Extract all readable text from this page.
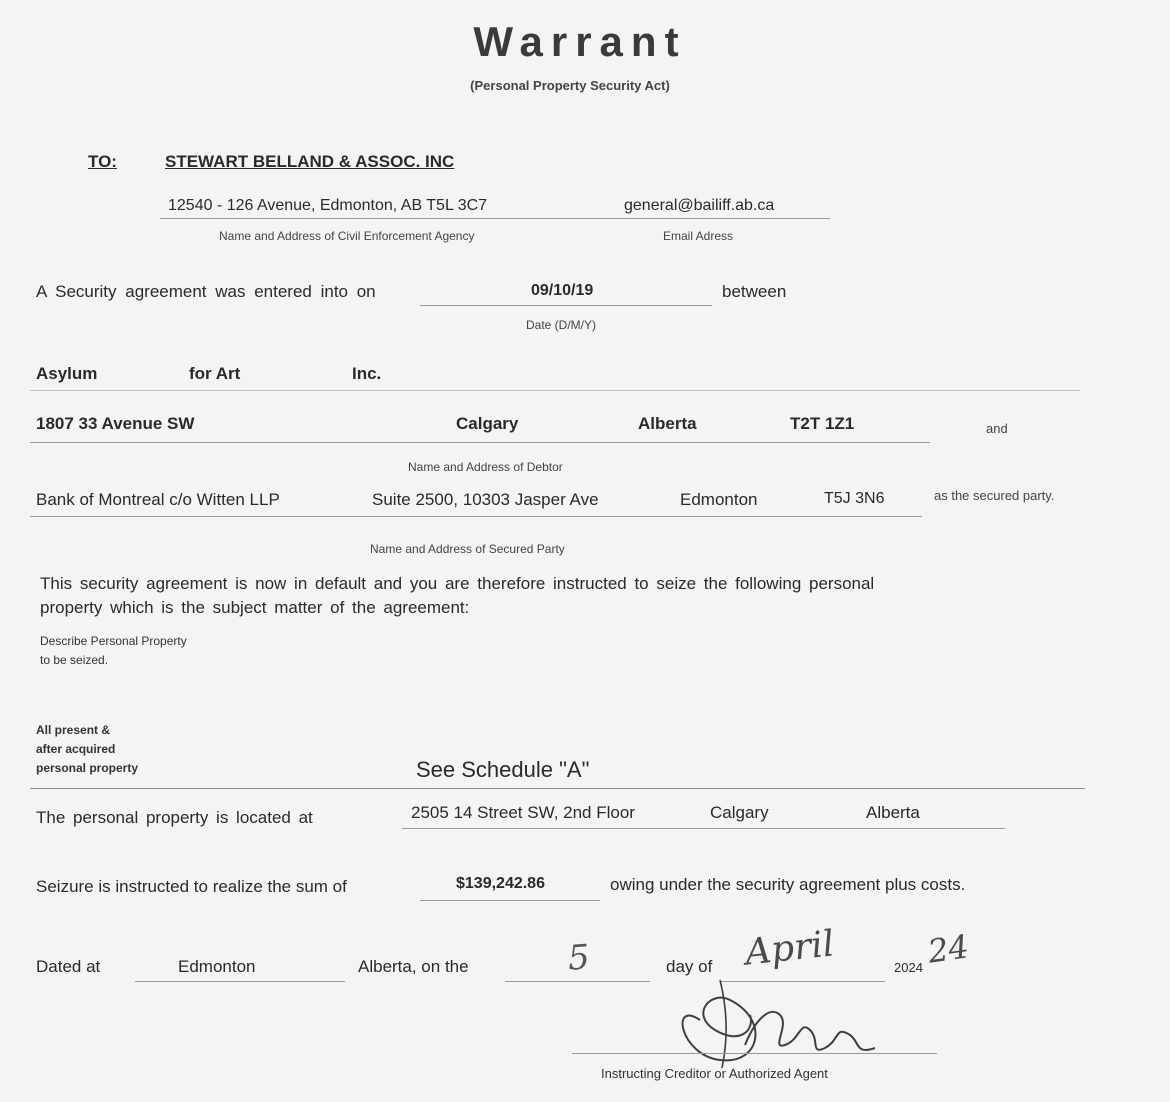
Warrant
(Personal Property Security Act)
TO:	STEWART BELLAND & ASSOC. INC
12540 - 126 Avenue, Edmonton, AB T5L 3C7	general@bailiff.ab.ca
Name and Address of Civil Enforcement Agency	Email Adress
A Security agreement was entered into on	09/10/19	between
Date (D/M/Y)
Asylum	for Art	Inc.
1807 33 Avenue SW	Calgary	Alberta	T2T 1Z1	and
Name and Address of Debtor
Bank of Montreal c/o Witten LLP	Suite 2500, 10303 Jasper Ave	Edmonton	T5J 3N6	as the secured party.
Name and Address of Secured Party
This security agreement is now in default and you are therefore instructed to seize the following personal
property which is the subject matter of the agreement:
Describe Personal Property
to be seized.
All present &
after acquired
personal property	See Schedule "A"
The personal property is located at	2505 14 Street SW, 2nd Floor	Calgary	Alberta
Seizure is instructed to realize the sum of	$139,242.86	owing under the security agreement plus costs.
Dated at	Edmonton	Alberta, on the	day of	2024
5	April	24
Instructing Creditor or Authorized Agent
